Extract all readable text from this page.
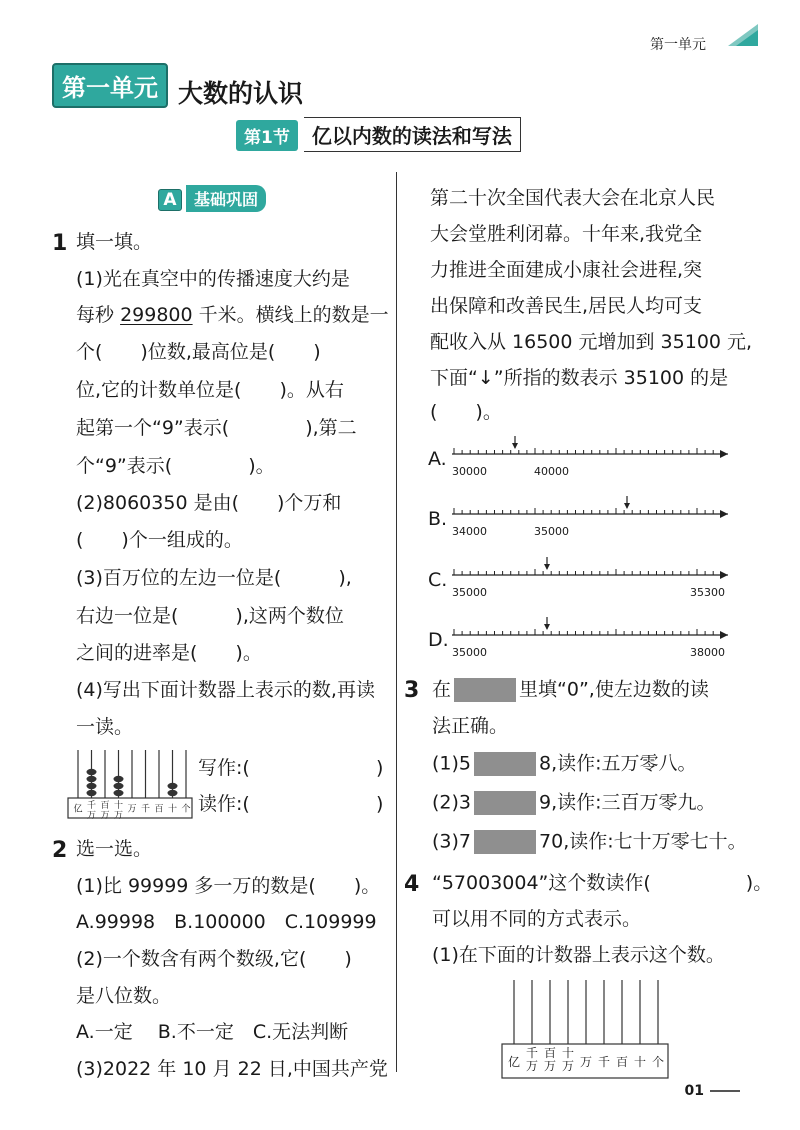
第一单元
第一单元 大数的认识
第1节 亿以内数的读法和写法
A 基础巩固
1 填一填。
(1)光在真空中的传播速度大约是
每秒 299800 千米。横线上的数是一
个(　　)位数,最高位是(　　)
位,它的计数单位是(　　)。从右
起第一个“9”表示(　　　　),第二
个“9”表示(　　　　)。
(2)8060350 是由(　　)个万和
(　　)个一组成的。
(3)百万位的左边一位是(　　　),
右边一位是(　　　),这两个数位
之间的进率是(　　)。
(4)写出下面计数器上表示的数,再读
一读。
亿 千
万
百
万
十
万
万 千 百 十 个
写作:(	)
读作:(	)
2 选一选。
(1)比 99999 多一万的数是(　　)。
A.99998　B.100000　C.109999
(2)一个数含有两个数级,它(　　)
是八位数。
A.一定　 B.不一定　C.无法判断
(3)2022 年 10 月 22 日,中国共产党
第二十次全国代表大会在北京人民
大会堂胜利闭幕。十年来,我党全
力推进全面建成小康社会进程,突
出保障和改善民生,居民人均可支
配收入从 16500 元增加到 35100 元,
下面“↓”所指的数表示 35100 的是
(　　)。
A.
30000	40000
B.
34000	35000
C.
35000	35300
D.
35000	38000
3 在	里填“0”,使左边数的读
法正确。
(1)5	8,读作:五万零八。
(2)3	9,读作:三百万零九。
(3)7	70,读作:七十万零七十。
4 “57003004”这个数读作(　　　　　)。
可以用不同的方式表示。
(1)在下面的计数器上表示这个数。
亿
千
万
百
万
十
万 万 千 百 十 个
01
